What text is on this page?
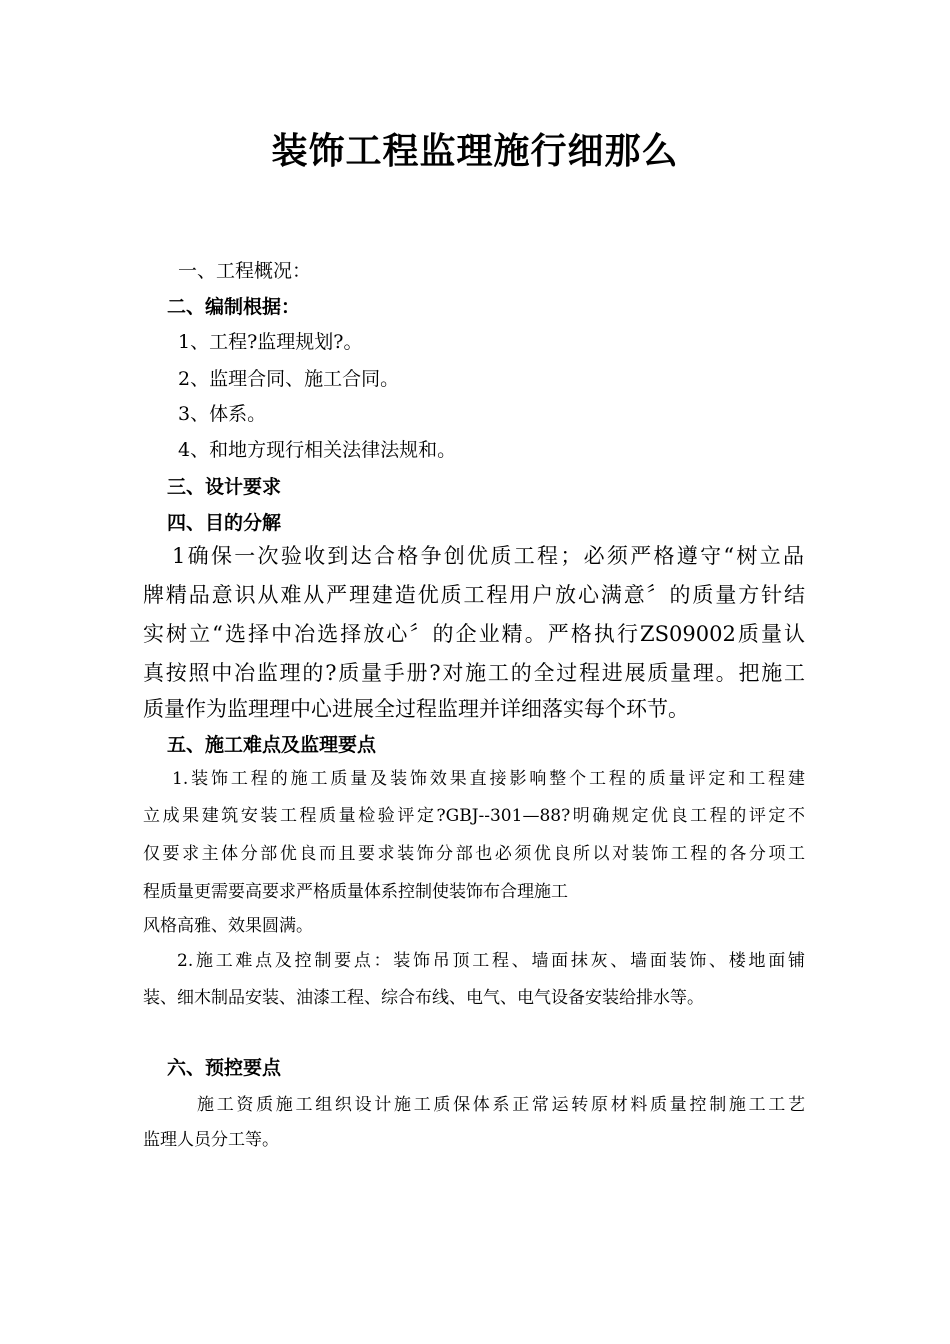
装饰工程监理施行细那么
一、工程概况：
二、编制根据：
1、工程?监理规划?。
2、监理合同、施工合同。
3、体系。
4、和地方现行相关法律法规和。
三、设计要求
四、目的分解
1确保一次验收到达合格争创优质工程；必须严格遵守“树立品
牌精品意识从难从严理建造优质工程用户放心满意〞的质量方针结
实树立“选择中冶选择放心〞的企业精。严格执行ZS09002质量认
真按照中冶监理的?质量手册?对施工的全过程进展质量理。把施工
质量作为监理理中心进展全过程监理并详细落实每个环节。
五、施工难点及监理要点
1.装饰工程的施工质量及装饰效果直接影响整个工程的质量评定和工程建
立成果建筑安装工程质量检验评定?GBJ--301—88?明确规定优良工程的评定不
仅要求主体分部优良而且要求装饰分部也必须优良所以对装饰工程的各分项工
程质量更需要高要求严格质量体系控制使装饰布合理施工
风格高雅、效果圆满。
2.施工难点及控制要点：装饰吊顶工程、墙面抹灰、墙面装饰、楼地面铺
装、细木制品安装、油漆工程、综合布线、电气、电气设备安装给排水等。
六、预控要点
施工资质施工组织设计施工质保体系正常运转原材料质量控制施工工艺
监理人员分工等。
